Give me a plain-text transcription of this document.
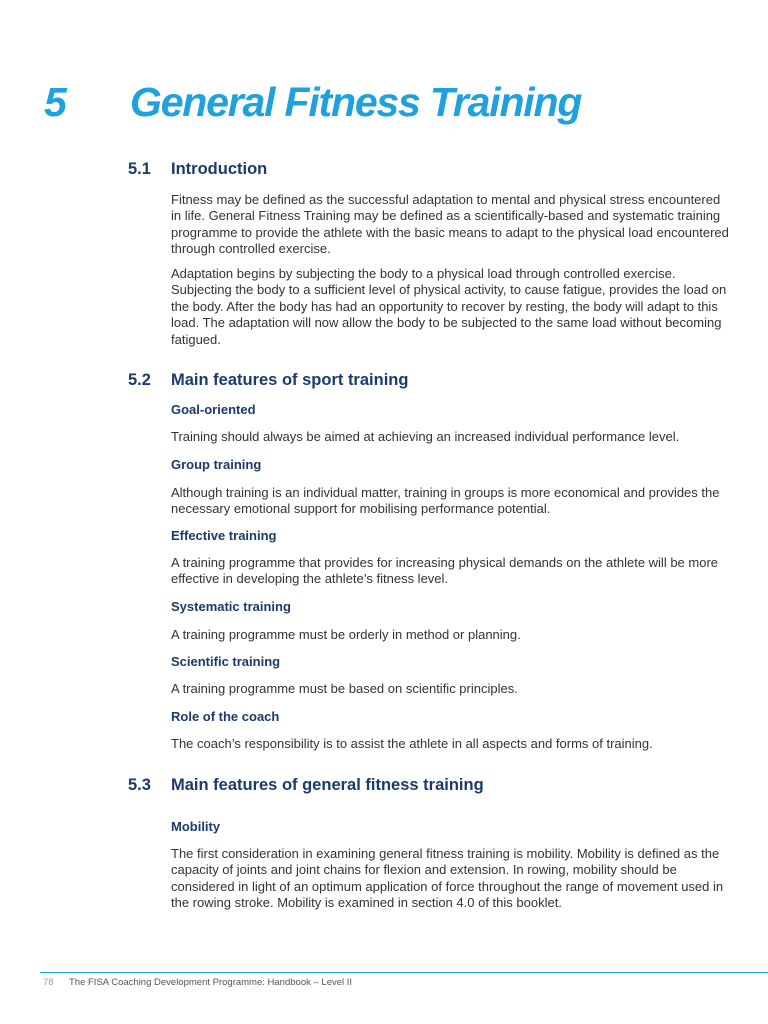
5 General Fitness Training
5.1 Introduction

Fitness may be defined as the successful adaptation to mental and physical stress encountered in life. General Fitness Training may be defined as a scientifically-based and systematic training programme to provide the athlete with the basic means to adapt to the physical load encountered through controlled exercise.

Adaptation begins by subjecting the body to a physical load through controlled exercise. Subjecting the body to a sufficient level of physical activity, to cause fatigue, provides the load on the body. After the body has had an opportunity to recover by resting, the body will adapt to this load. The adaptation will now allow the body to be subjected to the same load without becoming fatigued.

5.2 Main features of sport training
Goal-oriented

Training should always be aimed at achieving an increased individual performance level.

Group training

Although training is an individual matter, training in groups is more economical and provides the necessary emotional support for mobilising performance potential.

Effective training

A training programme that provides for increasing physical demands on the athlete will be more effective in developing the athlete’s fitness level.

Systematic training

A training programme must be orderly in method or planning.

Scientific training

A training programme must be based on scientific principles.

Role of the coach

The coach’s responsibility is to assist the athlete in all aspects and forms of training.

5.3 Main features of general fitness training
Mobility

The first consideration in examining general fitness training is mobility. Mobility is defined as the capacity of joints and joint chains for flexion and extension. In rowing, mobility should be considered in light of an optimum application of force throughout the range of movement used in the rowing stroke. Mobility is examined in section 4.0 of this booklet.

78 The FISA Coaching Development Programme: Handbook – Level II
